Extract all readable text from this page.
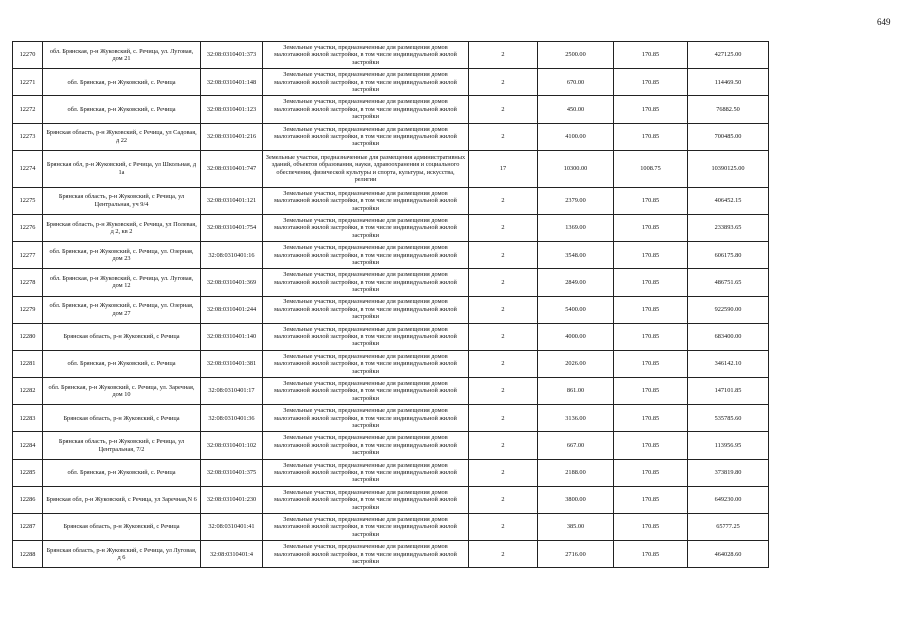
649
12270	обл. Брянская, р-н Жуковский, с. Речица, ул. Луговая, дом 21	32:08:0310401:373	Земельные участки, предназначенные для размещения домов малоэтажной жилой застройки, в том числе индивидуальной жилой застройки	2	2500.00	170.85	427125.00
12271	обл. Брянская, р-н Жуковский, с. Речица	32:08:0310401:148	Земельные участки, предназначенные для размещения домов малоэтажной жилой застройки, в том числе индивидуальной жилой застройки	2	670.00	170.85	114469.50
12272	обл. Брянская, р-н Жуковский, с. Речица	32:08:0310401:123	Земельные участки, предназначенные для размещения домов малоэтажной жилой застройки, в том числе индивидуальной жилой застройки	2	450.00	170.85	76882.50
12273	Брянская область, р-н Жуковский, с Речица, ул Садовая, д 22	32:08:0310401:216	Земельные участки, предназначенные для размещения домов малоэтажной жилой застройки, в том числе индивидуальной жилой застройки	2	4100.00	170.85	700485.00
12274	Брянская обл, р-н Жуковский, с Речица, ул Школьная, д 1а	32:08:0310401:747	Земельные участки, предназначенные для размещения административных зданий, объектов образования, науки, здравоохранения и социального обеспечения, физической культуры и спорта, культуры, искусства, религии	17	10300.00	1008.75	10390125.00
12275	Брянская область, р-н Жуковский, с Речица, ул Центральная, уч 9/4	32:08:0310401:121	Земельные участки, предназначенные для размещения домов малоэтажной жилой застройки, в том числе индивидуальной жилой застройки	2	2379.00	170.85	406452.15
12276	Брянская область, р-н Жуковский, с Речица, ул Полевая, д 2, кв 2	32:08:0310401:754	Земельные участки, предназначенные для размещения домов малоэтажной жилой застройки, в том числе индивидуальной жилой застройки	2	1369.00	170.85	233893.65
12277	обл. Брянская, р-н Жуковский, с. Речица, ул. Озерная, дом 23	32:08:0310401:16	Земельные участки, предназначенные для размещения домов малоэтажной жилой застройки, в том числе индивидуальной жилой застройки	2	3548.00	170.85	606175.80
12278	обл. Брянская, р-н Жуковский, с. Речица, ул. Луговая, дом 12	32:08:0310401:369	Земельные участки, предназначенные для размещения домов малоэтажной жилой застройки, в том числе индивидуальной жилой застройки	2	2849.00	170.85	486751.65
12279	обл. Брянская, р-н Жуковский, с. Речица, ул. Озерная, дом 27	32:08:0310401:244	Земельные участки, предназначенные для размещения домов малоэтажной жилой застройки, в том числе индивидуальной жилой застройки	2	5400.00	170.85	922590.00
12280	Брянская область, р-н Жуковский, с Речица	32:08:0310401:140	Земельные участки, предназначенные для размещения домов малоэтажной жилой застройки, в том числе индивидуальной жилой застройки	2	4000.00	170.85	683400.00
12281	обл. Брянская, р-н Жуковский, с. Речица	32:08:0310401:381	Земельные участки, предназначенные для размещения домов малоэтажной жилой застройки, в том числе индивидуальной жилой застройки	2	2026.00	170.85	346142.10
12282	обл. Брянская, р-н Жуковский, с. Речица, ул. Заречная, дом 10	32:08:0310401:17	Земельные участки, предназначенные для размещения домов малоэтажной жилой застройки, в том числе индивидуальной жилой застройки	2	861.00	170.85	147101.85
12283	Брянская область, р-н Жуковский, с Речица	32:08:0310401:36	Земельные участки, предназначенные для размещения домов малоэтажной жилой застройки, в том числе индивидуальной жилой застройки	2	3136.00	170.85	535785.60
12284	Брянская область, р-н Жуковский, с Речица, ул Центральная, 7/2	32:08:0310401:102	Земельные участки, предназначенные для размещения домов малоэтажной жилой застройки, в том числе индивидуальной жилой застройки	2	667.00	170.85	113956.95
12285	обл. Брянская, р-н Жуковский, с. Речица	32:08:0310401:375	Земельные участки, предназначенные для размещения домов малоэтажной жилой застройки, в том числе индивидуальной жилой застройки	2	2188.00	170.85	373819.80
12286	Брянская обл, р-н Жуковский, с Речица, ул Заречная,N 6	32:08:0310401:230	Земельные участки, предназначенные для размещения домов малоэтажной жилой застройки, в том числе индивидуальной жилой застройки	2	3800.00	170.85	649230.00
12287	Брянская область, р-н Жуковский, с Речица	32:08:0310401:41	Земельные участки, предназначенные для размещения домов малоэтажной жилой застройки, в том числе индивидуальной жилой застройки	2	385.00	170.85	65777.25
12288	Брянская область, р-н Жуковский, с Речица, ул Луговая, д 6	32:08:0310401:4	Земельные участки, предназначенные для размещения домов малоэтажной жилой застройки, в том числе индивидуальной жилой застройки	2	2716.00	170.85	464028.60
